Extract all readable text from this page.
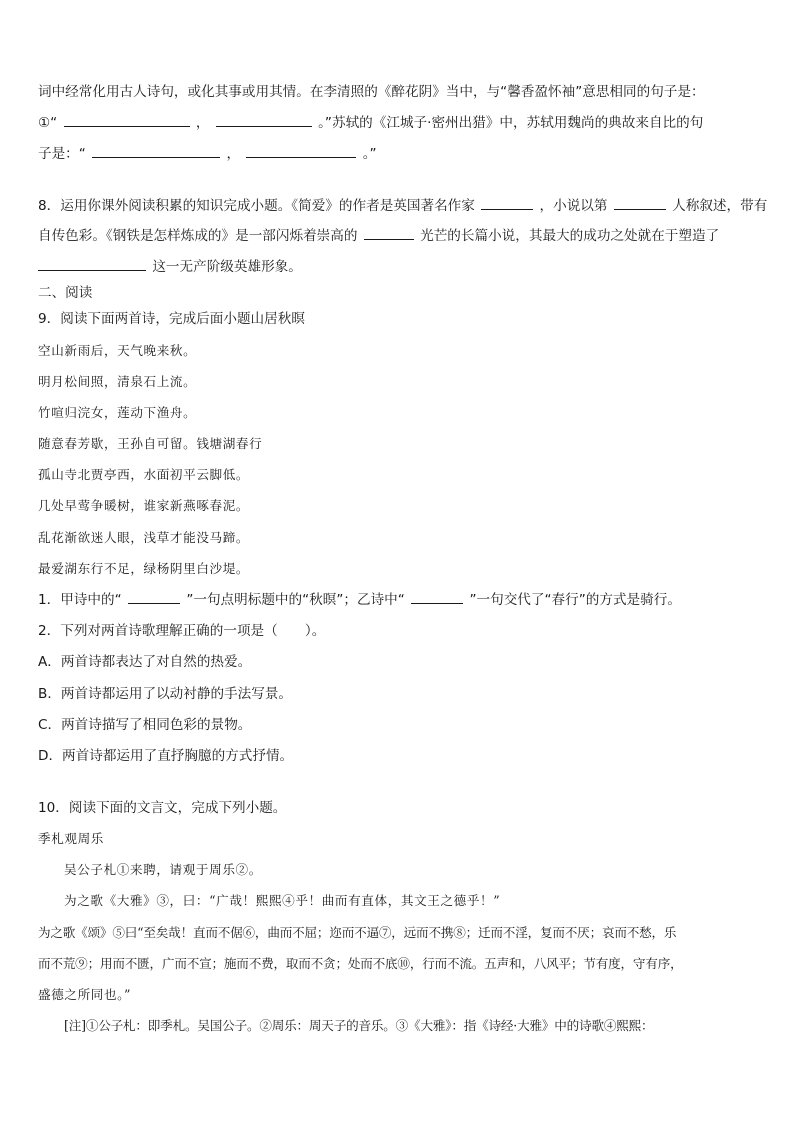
词中经常化用古人诗句，或化其事或用其情。在李清照的《醉花阴》当中，与“馨香盈怀袖”意思相同的句子是：
①“	，	。”苏轼的《江城子·密州出猎》中，苏轼用魏尚的典故来自比的句
子是：“	，	。”
8．运用你课外阅读积累的知识完成小题。《简爱》的作者是英国著名作家	，小说以第	人称叙述，带有
自传色彩。《钢铁是怎样炼成的》是一部闪烁着崇高的	光芒的长篇小说，其最大的成功之处就在于塑造了
这一无产阶级英雄形象。
二、阅读
9．阅读下面两首诗，完成后面小题山居秋暝
空山新雨后，天气晚来秋。
明月松间照，清泉石上流。
竹喧归浣女，莲动下渔舟。
随意春芳歇，王孙自可留。钱塘湖春行
孤山寺北贾亭西，水面初平云脚低。
几处早莺争暖树，谁家新燕啄春泥。
乱花渐欲迷人眼，浅草才能没马蹄。
最爱湖东行不足，绿杨阴里白沙堤。
1．甲诗中的“	”一句点明标题中的“秋暝”；乙诗中“	”一句交代了“春行”的方式是骑行。
2．下列对两首诗歌理解正确的一项是（　　）。
A．两首诗都表达了对自然的热爱。
B．两首诗都运用了以动衬静的手法写景。
C．两首诗描写了相同色彩的景物。
D．两首诗都运用了直抒胸臆的方式抒情。
10．阅读下面的文言文，完成下列小题。
季札观周乐
吴公子札①来聘，请观于周乐②。
为之歌《大雅》③，曰：“广哉！熙熙④乎！曲而有直体，其文王之德乎！”
为之歌《颂》⑤曰“至矣哉！直而不倨⑥，曲而不屈；迩而不逼⑦，远而不携⑧；迁而不淫，复而不厌；哀而不愁，乐
而不荒⑨；用而不匮，广而不宣；施而不费，取而不贪；处而不底⑩，行而不流。五声和，八风平；节有度，守有序，
盛德之所同也。”
[注]①公子札：即季札。吴国公子。②周乐：周天子的音乐。③《大雅》：指《诗经·大雅》中的诗歌④熙熙：
